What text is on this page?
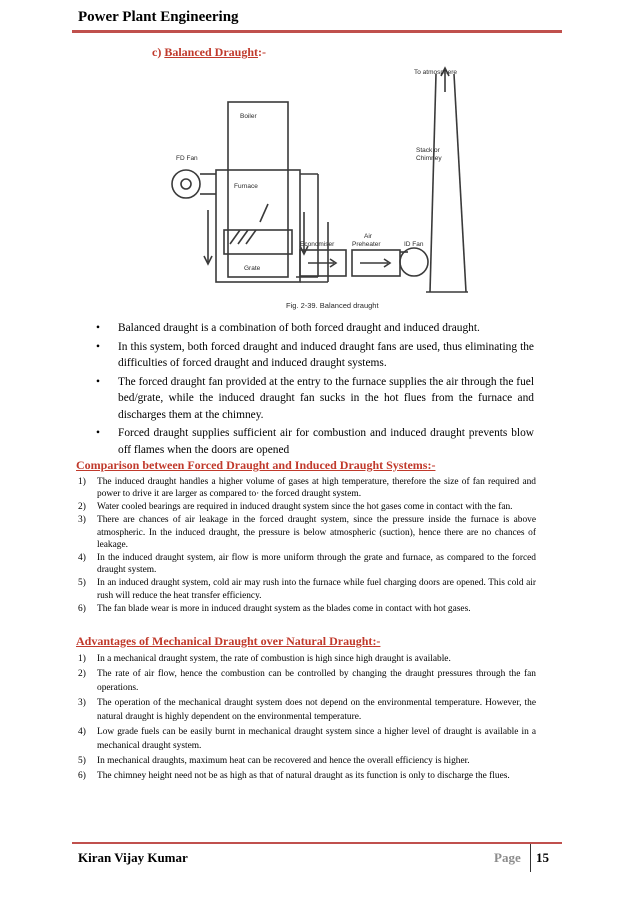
Power Plant Engineering
c) Balanced Draught:-
Boiler
FD Fan
Furnace
Grate
Economiser
Air
Preheater	ID Fan
Stack or
Chimney
To atmosphere
Fig. 2-39. Balanced draught
• Balanced draught is a combination of both forced draught and induced draught.
• In this system, both forced draught and induced draught fans are used, thus eliminating the difficulties of forced draught and induced draught systems.
• The forced draught fan provided at the entry to the furnace supplies the air through the fuel bed/grate, while the induced draught fan sucks in the hot flues from the furnace and discharges them at the chimney.
• Forced draught supplies sufficient air for combustion and induced draught prevents blow off flames when the doors are opened
Comparison between Forced Draught and Induced Draught Systems:-
1) The induced draught handles a higher volume of gases at high temperature, therefore the size of fan required and power to drive it are larger as compared to· the forced draught system.
2) Water cooled bearings are required in induced draught system since the hot gases come in contact with the fan.
3) There are chances of air leakage in the forced draught system, since the pressure inside the furnace is above atmospheric. In the induced draught, the pressure is below atmospheric (suction), hence there are no chances of leakage.
4) In the induced draught system, air flow is more uniform through the grate and furnace, as compared to the forced draught system.
5) In an induced draught system, cold air may rush into the furnace while fuel charging doors are opened. This cold air rush will reduce the heat transfer efficiency.
6) The fan blade wear is more in induced draught system as the blades come in contact with hot gases.
Advantages of Mechanical Draught over Natural Draught:-
1) In a mechanical draught system, the rate of combustion is high since high draught is available.
2) The rate of air flow, hence the combustion can be controlled by changing the draught pressures through the fan operations.
3) The operation of the mechanical draught system does not depend on the environmental temperature. However, the natural draught is highly dependent on the environmental temperature.
4) Low grade fuels can be easily burnt in mechanical draught system since a higher level of draught is available in a mechanical draught system.
5) In mechanical draughts, maximum heat can be recovered and hence the overall efficiency is higher.
6) The chimney height need not be as high as that of natural draught as its function is only to discharge the flues.
Kiran Vijay Kumar	Page 15
